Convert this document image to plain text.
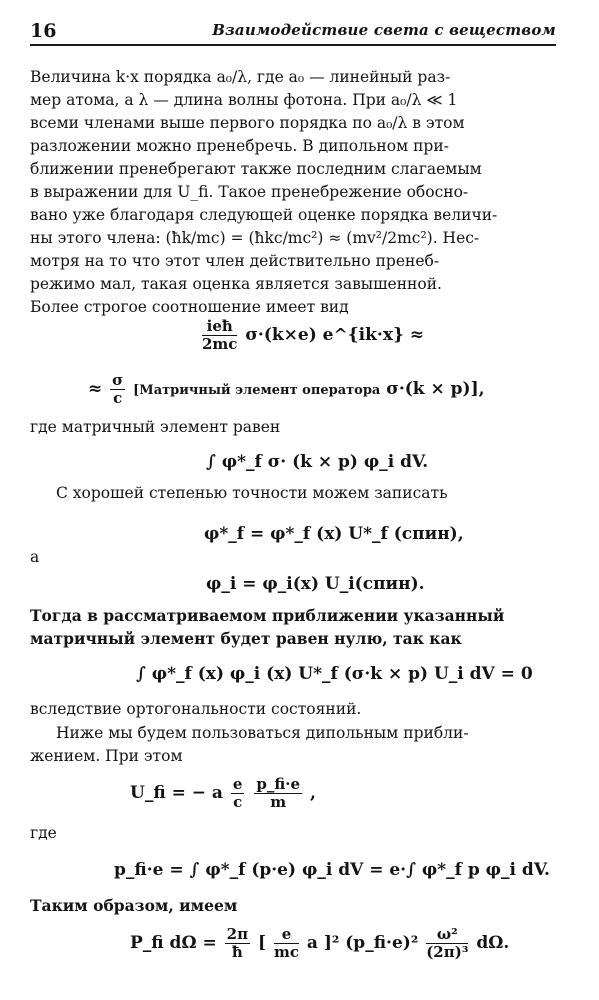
16	Взаимодействие света с веществом
Величина k·x порядка a₀/λ, где a₀ — линейный раз-
мер атома, а λ — длина волны фотона. При a₀/λ ≪ 1
всеми членами выше первого порядка по a₀/λ в этом
разложении можно пренебречь. В дипольном при-
ближении пренебрегают также последним слагаемым
в выражении для U_fi. Такое пренебрежение обосно-
вано уже благодаря следующей оценке порядка величи-
ны этого члена: (ħk/mc) = (ħkc/mc²) ≈ (mv²/2mc²). Нес-
мотря на то что этот член действительно пренеб-
режимо мал, такая оценка является завышенной.
Более строгое соотношение имеет вид
$\frac{\text{ieħ}}{2mc} \sigma\cdot(k\times e)$ e^{ik·x} ≈
≈ $\frac{\sigma}{c}$ [Матричный элемент оператора σ·(k × p)],
где матричный элемент равен
∫ φ*_f σ· (k × p) φ_i dV.
С хорошей степенью точности можем записать
φ*_f = φ*_f (x) U*_f (спин),
а
φ_i = φ_i(x) U_i(спин).
Тогда в рассматриваемом приближении указанный
матричный элемент будет равен нулю, так как
∫ φ*_f (x) φ_i (x) U*_f (σ·k × p) U_i dV = 0
вследствие ортогональности состояний.
Ниже мы будем пользоваться дипольным прибли-
жением. При этом
U_fi = − a $\frac{e}{c}$
$\frac{p\_fi\cdot e}{m}$ ,
где
p_fi·e = ∫ φ*_f (p·e) φ_i dV = e·∫ φ*_f p φ_i dV.
Таким образом, имеем
P_fi $d\Omega = \frac{2\pi}{ħ}$ [ $\frac{e}{mc}$ a ]² (p_fi·e)² $\frac{\text{ω²}}{\text{(2π)³}} d\Omega$.
